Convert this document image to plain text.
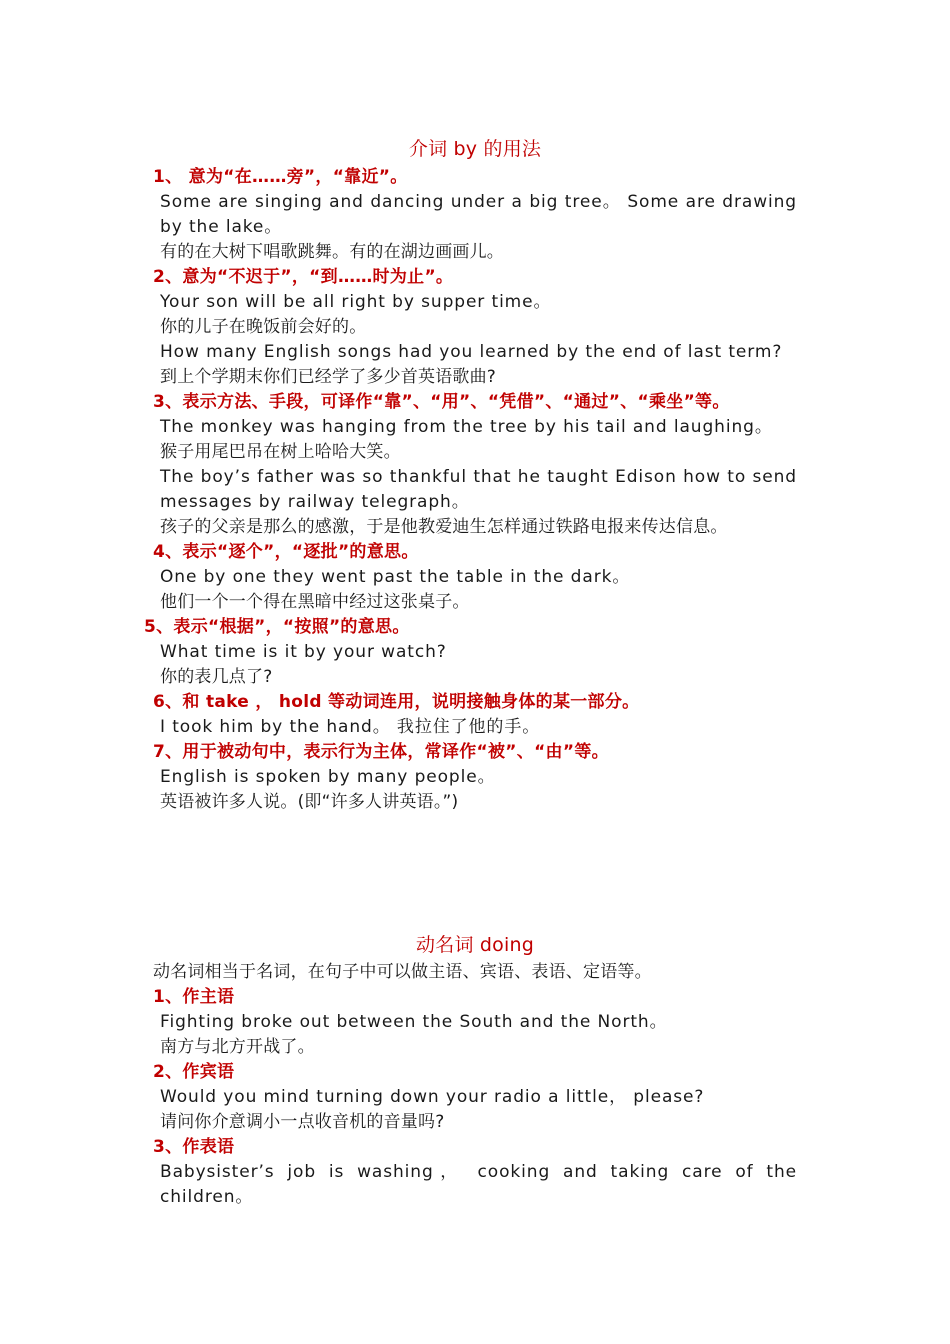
介词 by 的用法

1、 意为“在……旁”，“靠近”。

Some are singing and dancing under a big tree。 Some are drawing by the lake。

有的在大树下唱歌跳舞。有的在湖边画画儿。

2、意为“不迟于”，“到……时为止”。

Your son will be all right by supper time。

你的儿子在晚饭前会好的。

How many English songs had you learned by the end of last term?

到上个学期末你们已经学了多少首英语歌曲?

3、表示方法、手段，可译作“靠”、“用”、“凭借”、“通过”、“乘坐”等。

The monkey was hanging from the tree by his tail and laughing。

猴子用尾巴吊在树上哈哈大笑。

The boy’s father was so thankful that he taught Edison how to send messages by railway telegraph。

孩子的父亲是那么的感激，于是他教爱迪生怎样通过铁路电报来传达信息。

4、表示“逐个”，“逐批”的意思。

One by one they went past the table in the dark。

他们一个一个得在黑暗中经过这张桌子。

5、表示“根据”，“按照”的意思。

What time is it by your watch?

你的表几点了?

6、和 take ， hold 等动词连用，说明接触身体的某一部分。

I took him by the hand。 我拉住了他的手。

7、用于被动句中，表示行为主体，常译作“被”、“由”等。

English is spoken by many people。

英语被许多人说。(即“许多人讲英语。”)

动名词 doing

动名词相当于名词，在句子中可以做主语、宾语、表语、定语等。

1、作主语

Fighting broke out between the South and the North。

南方与北方开战了。

2、作宾语

Would you mind turning down your radio a little， please?

请问你介意调小一点收音机的音量吗?

3、作表语

Babysister’s job is washing， cooking and taking care of the children。
